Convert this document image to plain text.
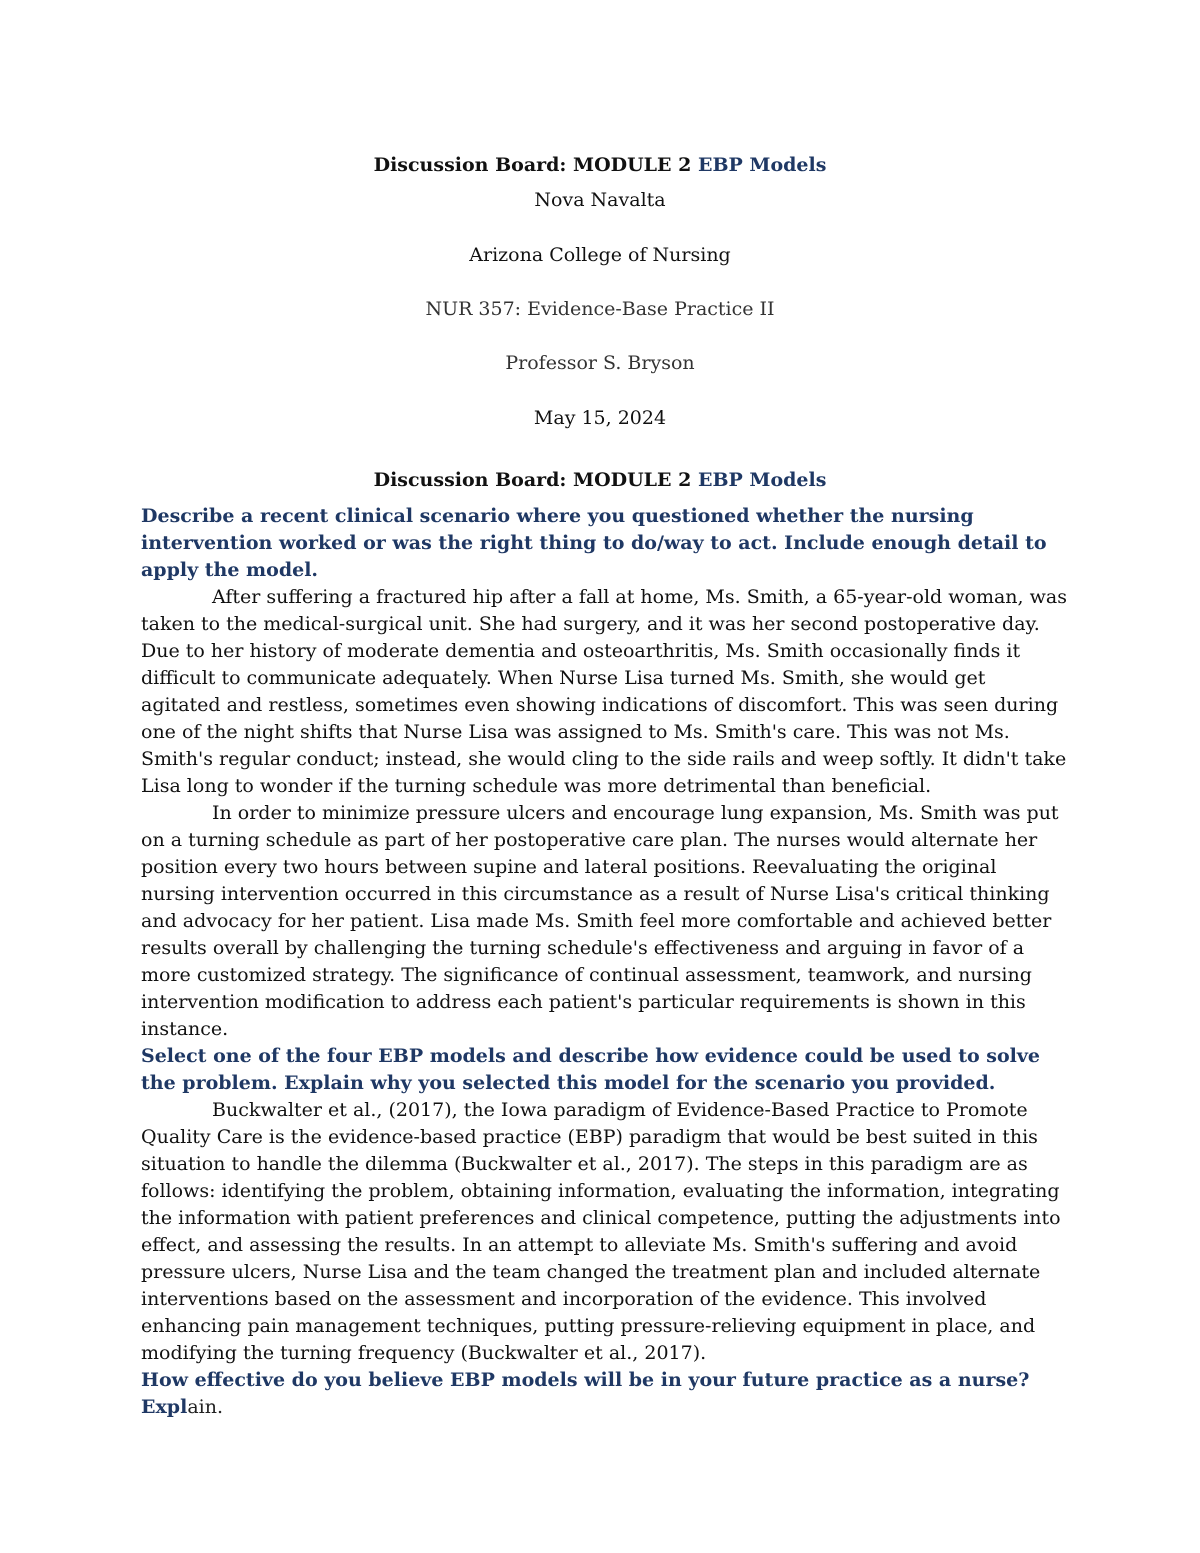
Discussion Board: MODULE 2 EBP Models
Nova Navalta
Arizona College of Nursing
NUR 357: Evidence-Base Practice II
Professor S. Bryson
May 15, 2024
Discussion Board: MODULE 2 EBP Models

Describe a recent clinical scenario where you questioned whether the nursing intervention worked or was the right thing to do/way to act. Include enough detail to apply the model.

After suffering a fractured hip after a fall at home, Ms. Smith, a 65-year-old woman, was taken to the medical-surgical unit. She had surgery, and it was her second postoperative day. Due to her history of moderate dementia and osteoarthritis, Ms. Smith occasionally finds it difficult to communicate adequately. When Nurse Lisa turned Ms. Smith, she would get agitated and restless, sometimes even showing indications of discomfort. This was seen during one of the night shifts that Nurse Lisa was assigned to Ms. Smith's care. This was not Ms. Smith's regular conduct; instead, she would cling to the side rails and weep softly. It didn't take Lisa long to wonder if the turning schedule was more detrimental than beneficial.

In order to minimize pressure ulcers and encourage lung expansion, Ms. Smith was put on a turning schedule as part of her postoperative care plan. The nurses would alternate her position every two hours between supine and lateral positions. Reevaluating the original nursing intervention occurred in this circumstance as a result of Nurse Lisa's critical thinking and advocacy for her patient. Lisa made Ms. Smith feel more comfortable and achieved better results overall by challenging the turning schedule's effectiveness and arguing in favor of a more customized strategy. The significance of continual assessment, teamwork, and nursing intervention modification to address each patient's particular requirements is shown in this instance.

Select one of the four EBP models and describe how evidence could be used to solve the problem. Explain why you selected this model for the scenario you provided.

Buckwalter et al., (2017), the Iowa paradigm of Evidence-Based Practice to Promote Quality Care is the evidence-based practice (EBP) paradigm that would be best suited in this situation to handle the dilemma (Buckwalter et al., 2017). The steps in this paradigm are as follows: identifying the problem, obtaining information, evaluating the information, integrating the information with patient preferences and clinical competence, putting the adjustments into effect, and assessing the results. In an attempt to alleviate Ms. Smith's suffering and avoid pressure ulcers, Nurse Lisa and the team changed the treatment plan and included alternate interventions based on the assessment and incorporation of the evidence. This involved enhancing pain management techniques, putting pressure-relieving equipment in place, and modifying the turning frequency (Buckwalter et al., 2017).

How effective do you believe EBP models will be in your future practice as a nurse? Explain.
